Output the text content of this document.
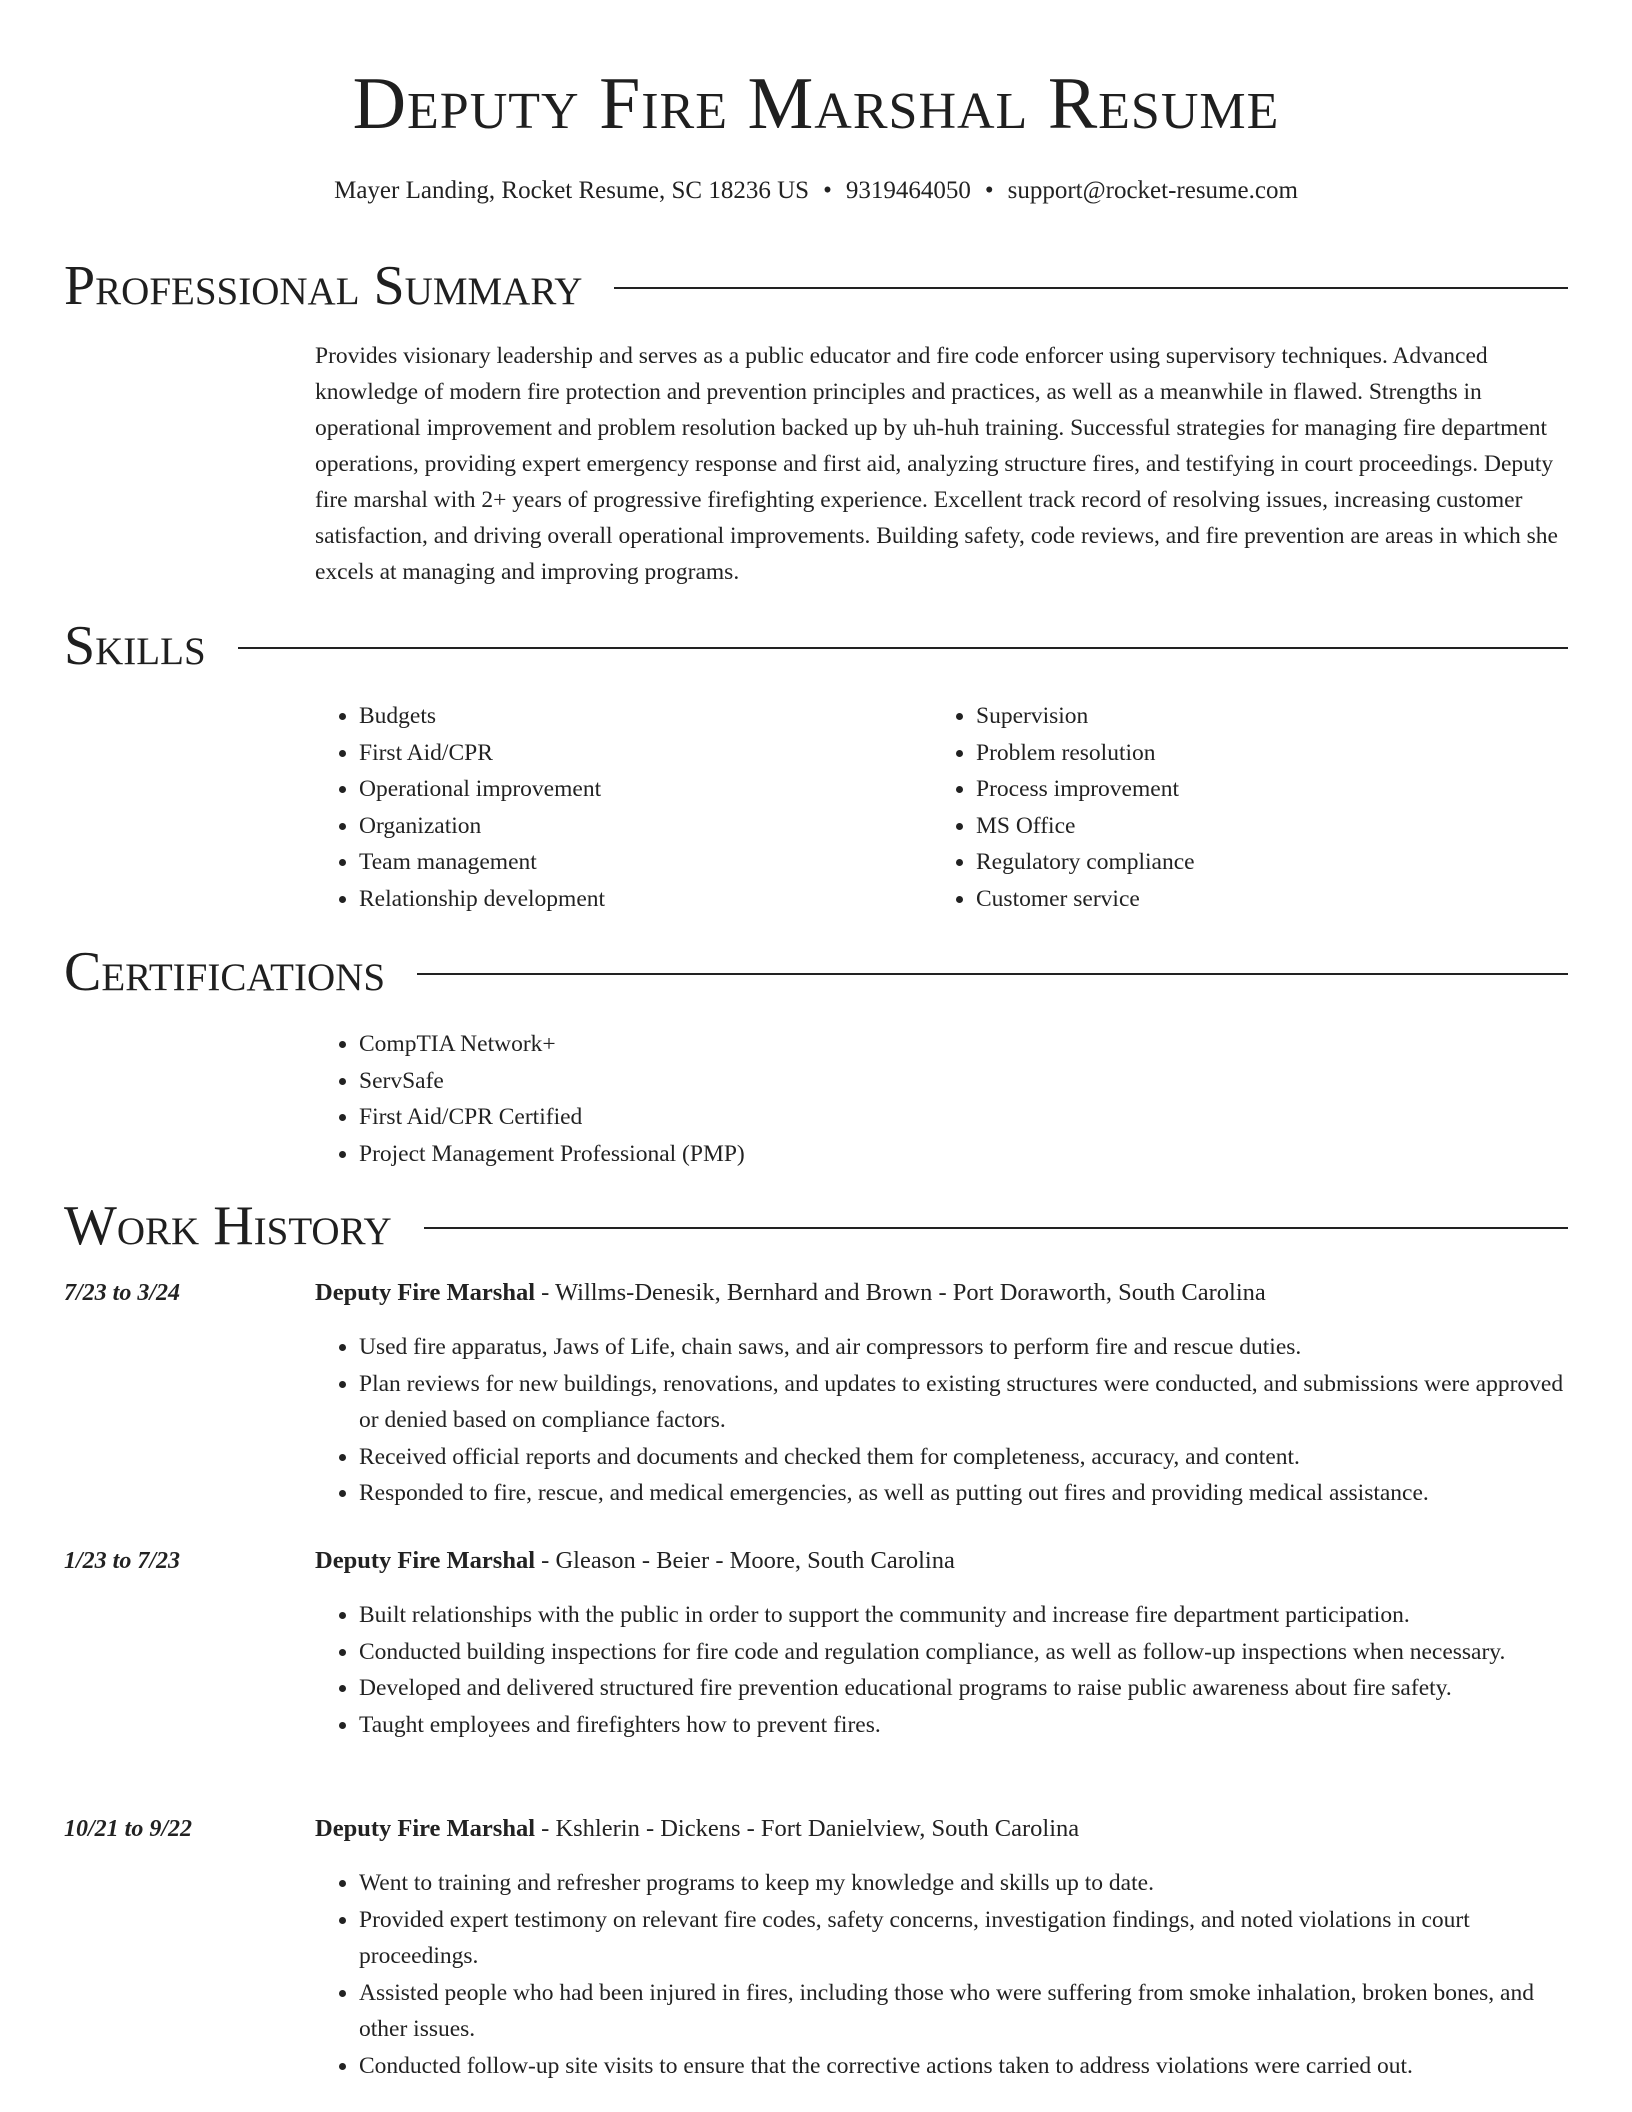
Deputy Fire Marshal Resume
Mayer Landing, Rocket Resume, SC 18236 US • 9319464050 • support@rocket-resume.com
Professional Summary

Provides visionary leadership and serves as a public educator and fire code enforcer using supervisory techniques. Advanced knowledge of modern fire protection and prevention principles and practices, as well as a meanwhile in flawed. Strengths in operational improvement and problem resolution backed up by uh-huh training. Successful strategies for managing fire department operations, providing expert emergency response and first aid, analyzing structure fires, and testifying in court proceedings. Deputy fire marshal with 2+ years of progressive firefighting experience. Excellent track record of resolving issues, increasing customer satisfaction, and driving overall operational improvements. Building safety, code reviews, and fire prevention are areas in which she excels at managing and improving programs.

Skills
• Budgets
• First Aid/CPR
• Operational improvement
• Organization
• Team management
• Relationship development
• Supervision
• Problem resolution
• Process improvement
• MS Office
• Regulatory compliance
• Customer service
Certifications
• CompTIA Network+
• ServSafe
• First Aid/CPR Certified
• Project Management Professional (PMP)
Work History
7/23 to 3/24	Deputy Fire Marshal - Willms-Denesik, Bernhard and Brown - Port Doraworth, South Carolina
• Used fire apparatus, Jaws of Life, chain saws, and air compressors to perform fire and rescue duties.
• Plan reviews for new buildings, renovations, and updates to existing structures were conducted, and submissions were approved or denied based on compliance factors.
• Received official reports and documents and checked them for completeness, accuracy, and content.
• Responded to fire, rescue, and medical emergencies, as well as putting out fires and providing medical assistance.
1/23 to 7/23	Deputy Fire Marshal - Gleason - Beier - Moore, South Carolina
• Built relationships with the public in order to support the community and increase fire department participation.
• Conducted building inspections for fire code and regulation compliance, as well as follow-up inspections when necessary.
• Developed and delivered structured fire prevention educational programs to raise public awareness about fire safety.
• Taught employees and firefighters how to prevent fires.
10/21 to 9/22	Deputy Fire Marshal - Kshlerin - Dickens - Fort Danielview, South Carolina
• Went to training and refresher programs to keep my knowledge and skills up to date.
• Provided expert testimony on relevant fire codes, safety concerns, investigation findings, and noted violations in court proceedings.
• Assisted people who had been injured in fires, including those who were suffering from smoke inhalation, broken bones, and other issues.
• Conducted follow-up site visits to ensure that the corrective actions taken to address violations were carried out.
